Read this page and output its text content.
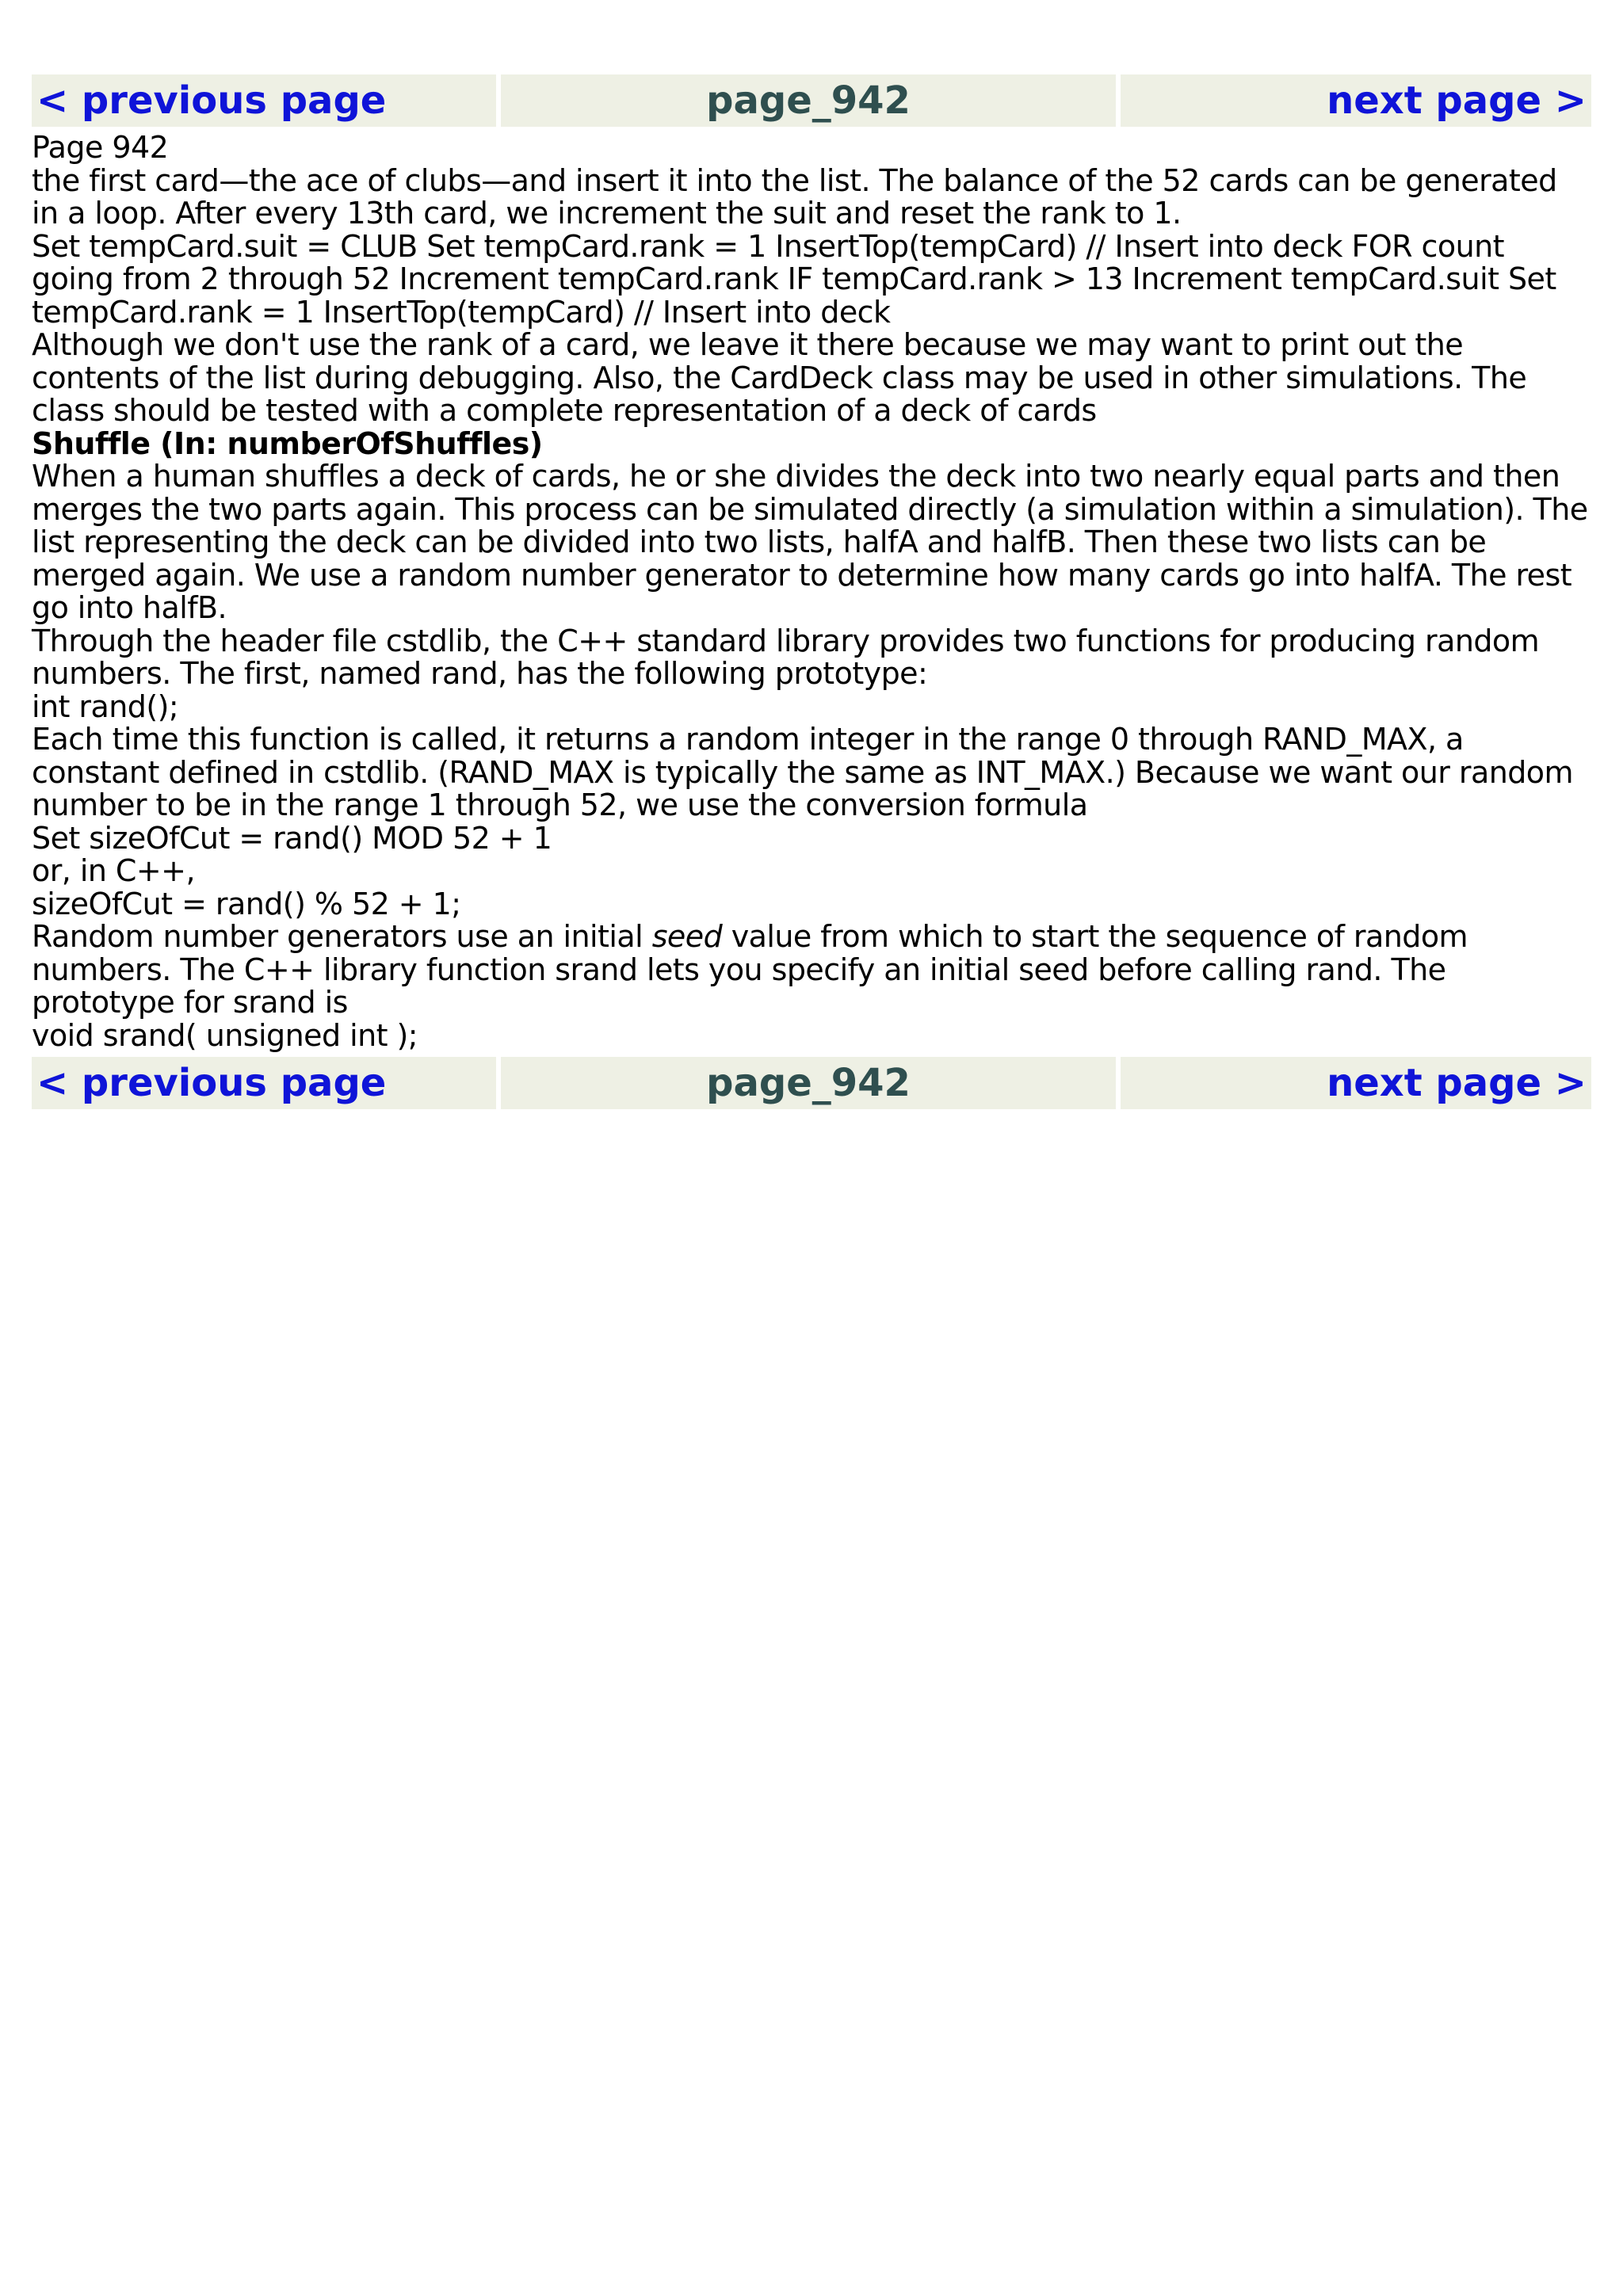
< previous page	page_942	next page >

Page 942

the first card—the ace of clubs—and insert it into the list. The balance of the 52 cards can be generated in a loop. After every 13th card, we increment the suit and reset the rank to 1.

Set tempCard.suit = CLUB Set tempCard.rank = 1 InsertTop(tempCard) // Insert into deck FOR count going from 2 through 52 Increment tempCard.rank IF tempCard.rank > 13 Increment tempCard.suit Set tempCard.rank = 1 InsertTop(tempCard) // Insert into deck

Although we don't use the rank of a card, we leave it there because we may want to print out the contents of the list during debugging. Also, the CardDeck class may be used in other simulations. The class should be tested with a complete representation of a deck of cards

Shuffle (In: numberOfShuffles)

When a human shuffles a deck of cards, he or she divides the deck into two nearly equal parts and then merges the two parts again. This process can be simulated directly (a simulation within a simulation). The list representing the deck can be divided into two lists, halfA and halfB. Then these two lists can be merged again. We use a random number generator to determine how many cards go into halfA. The rest go into halfB.

Through the header file cstdlib, the C++ standard library provides two functions for producing random numbers. The first, named rand, has the following prototype:

int rand();

Each time this function is called, it returns a random integer in the range 0 through RAND_MAX, a constant defined in cstdlib. (RAND_MAX is typically the same as INT_MAX.) Because we want our random number to be in the range 1 through 52, we use the conversion formula

Set sizeOfCut = rand() MOD 52 + 1

or, in C++,

sizeOfCut = rand() % 52 + 1;

Random number generators use an initial seed value from which to start the sequence of random numbers. The C++ library function srand lets you specify an initial seed before calling rand. The prototype for srand is

void srand( unsigned int );

< previous page	page_942	next page >
